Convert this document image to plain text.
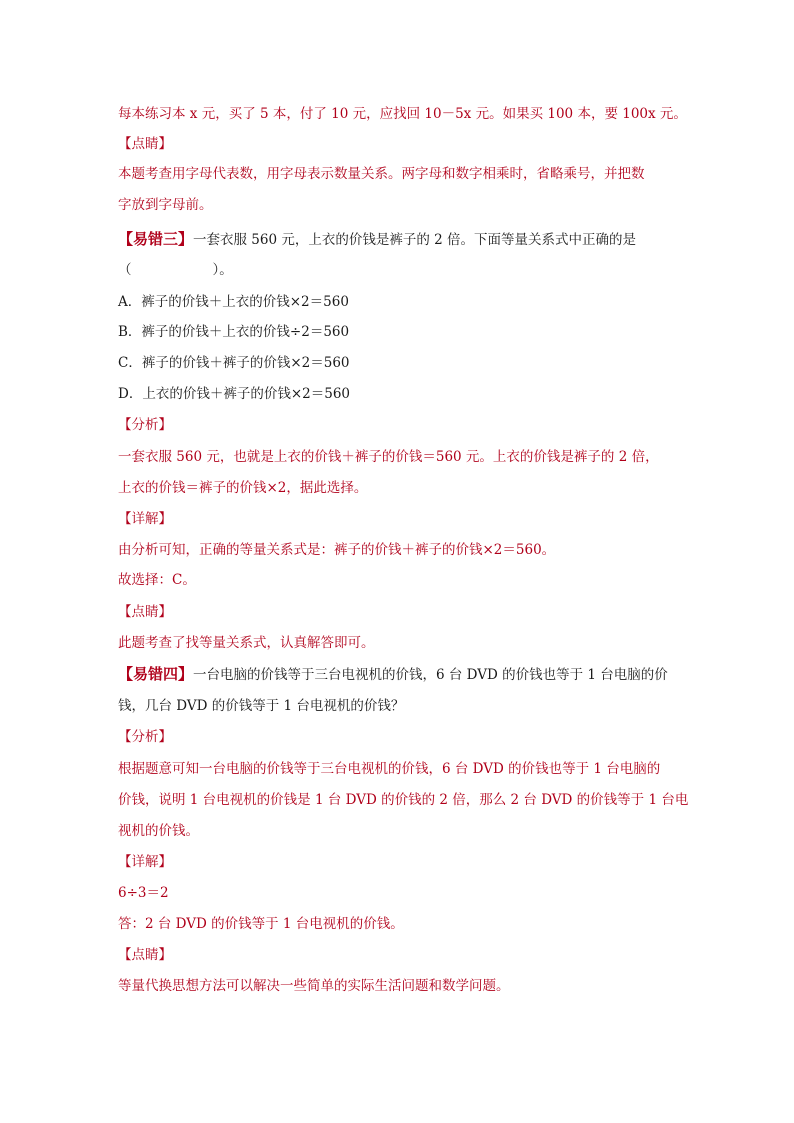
每本练习本 x 元，买了 5 本，付了 10 元，应找回 10－5x 元。如果买 100 本，要 100x 元。
【点睛】
本题考查用字母代表数，用字母表示数量关系。两字母和数字相乘时，省略乘号，并把数
字放到字母前。
【易错三】一套衣服 560 元，上衣的价钱是裤子的 2 倍。下面等量关系式中正确的是
（　　　　　　）。
A．裤子的价钱＋上衣的价钱×2＝560
B．裤子的价钱＋上衣的价钱÷2＝560
C．裤子的价钱＋裤子的价钱×2＝560
D．上衣的价钱＋裤子的价钱×2＝560
【分析】
一套衣服 560 元，也就是上衣的价钱＋裤子的价钱＝560 元。上衣的价钱是裤子的 2 倍，
上衣的价钱＝裤子的价钱×2，据此选择。
【详解】
由分析可知，正确的等量关系式是：裤子的价钱＋裤子的价钱×2＝560。
故选择：C。
【点睛】
此题考查了找等量关系式，认真解答即可。
【易错四】一台电脑的价钱等于三台电视机的价钱，6 台 DVD 的价钱也等于 1 台电脑的价
钱，几台 DVD 的价钱等于 1 台电视机的价钱？
【分析】
根据题意可知一台电脑的价钱等于三台电视机的价钱，6 台 DVD 的价钱也等于 1 台电脑的
价钱，说明 1 台电视机的价钱是 1 台 DVD 的价钱的 2 倍，那么 2 台 DVD 的价钱等于 1 台电
视机的价钱。
【详解】
6÷3＝2
答：2 台 DVD 的价钱等于 1 台电视机的价钱。
【点睛】
等量代换思想方法可以解决一些简单的实际生活问题和数学问题。
